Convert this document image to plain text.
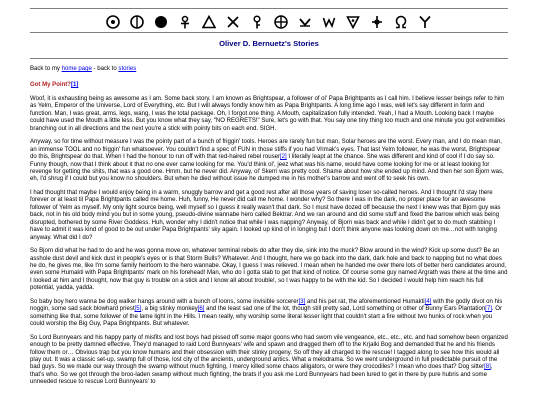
Oliver D. Bernuetz's Stories

Back to my home page - back to stories

Got My Point?[1]

Woof, it is exhausting being as awesome as I am. Some back story. I am known as Brightspear, a follower of ol' Papa Brightpants as I call him. I believe lesser beings refer to him as Yelm, Emperor of the Universe, Lord of Everything, etc. But I will always fondly know him as Papa Brightpants. A long time ago I was, well let's say different in form and function. Man, I was great, arms, legs, wang, I was the total package. Oh, I forgot one thing. A Mouth, capitalization fully intended. Yeah, I had a Mouth. Looking back I maybe could have used the Mouth a little less. But you know what they say, "NO REGRETS!" Sure, let's go with that. You say one tiny thing too much and one minute you got extremities branching out in all directions and the next you're a stick with pointy bits on each end. SIGH.

Anyway, so for time without measure I was the pointy part of a bunch of friggin' tools. Heroes are rarely fun but man, Solar heroes are the worst. Every man, and I do mean man, an immense TOOL and no friggin' fun whatsoever. You couldn't find a spec of FUN in those stiffs if you had Vrimak's eyes. That last Yelm follower, he was the worst, Brightspear do this, Brightspear do that. When I had the honour to run off with that red-haired rebel rouser[2] I literally leapt at the chance. She was different and kind of cool if I do say so. Funny though, now that I think about it that no one ever came looking for me. You'd think ol', jeez what was his name, would have come looking for me or at least looking for revenge for getting the shits, that was a good one. Hmm, but he never did. Anyway, ol' Skerri was pretty cool. Shame about how she ended up mind. And then her son Bjorn was, eh, I'd shrug if I could but you know no shoulders. But when he died without issue he dumped me in his mother's barrow and went off to seek his own.

I had thought that maybe I would enjoy being in a warm, snuggly barrow and get a good rest after all those years of saving loser so-called heroes. And I thought I'd stay there forever or at least til Papa Brightpants called me home. Huh, funny, He never did call me home. I wonder why? So there I was in the dark, no proper place for an awesome follower of Yelm as myself. My only light source being, well myself so I guess it really wasn't that dark. So I must have dozed off because the next I knew was that Bjorn guy was back, not in his old body mind you but in some young, pseudo-divine wannabe hero called Bektrar. And we ran around and did some stuff and fixed the barrow which was being disrupted, bothered by some River Goddess. Huh, wonder why I didn't notice that while I was napping? Anyway, ol' Bjorn was back and while I didn't get to do much stabbing I have to admit it was kind of good to be out under Papa Brightpants' sky again. I looked up kind of in longing but I don't think anyone was looking down on me…not with longing anyway. What did I do?

So Bjorn did what he had to do and he was gonna move on, whatever terminal rebels do after they die, sink into the muck? Blow around in the wind? Kick up some dust? Be an asshole dust devil and kick dust in people's eyes or is that Storm Bulls? Whatever. And I thought, here we go back into the dark, dark hole and back to napping but no what does he do, he gives me, like I'm some family heirloom to the hero wannabe. Okay, I guess I was relieved. I mean when he handed me over there lots of better hero candidates around, even some Humakti with Papa Brightpants' mark on his forehead! Man, who do I gotta stab to get that kind of notice. Of course some guy named Argrath was there at the time and I looked at him and I thought, now that guy is trouble on a stick and I know all about trouble!, so I was happy to be with the kid. So I decided I would help him reach his full potential, yadda, yadda.

So baby boy hero wanna be dog walker hangs around with a bunch of loons, some invisible sorcerer[3] and his pet rat, the aforementioned Humakti[4] with the godly divot on his noggin, some sad sack blowhard priest[5], a big stinky monkey[6] and the least sad one of the lot, though still pretty sad, Lord something or other of Bunny Ears Plantation[7]. Or something like that, some follower of the lame light in the Hills. I mean really, why worship some literal lesser light that couldn't start a fire without two hunks of rock when you could worship the Big Guy, Papa Brightpants. But whatever.

So Lord Bunnyears and his happy party of misfits and lost boys had pissed off some major goons who had sworn vile vengeance, etc., etc., etc. and had somehow been organized enough to be pretty damned effective. They'd managed to raid Lord Bunnyears' wife and spawn and dragged them off to the Krjalki Bog and demanded that he and his friends follow them or… Obvious trap but you know humans and their obsession with their stinky progeny. So off they all charged to the rescue! I tagged along to see how this would all play out. It was a classic set-up, swamp full of those, lost city of the ancients, underground antics. What a melodrama. So we went underground in full predictable pursuit of the bad guys. So we made our way through the swamp without much fighting, I mercy killed some chaos alligators, or were they crocodiles? I mean who does that? Dog sitter[8], that's who. So we got through the broo-laden swamp without much fighting, the brats if you ask me Lord Bunnyears had been lured to get in there by pure hubris and some unneeded rescue to rescue Lord Bunnyears' to
